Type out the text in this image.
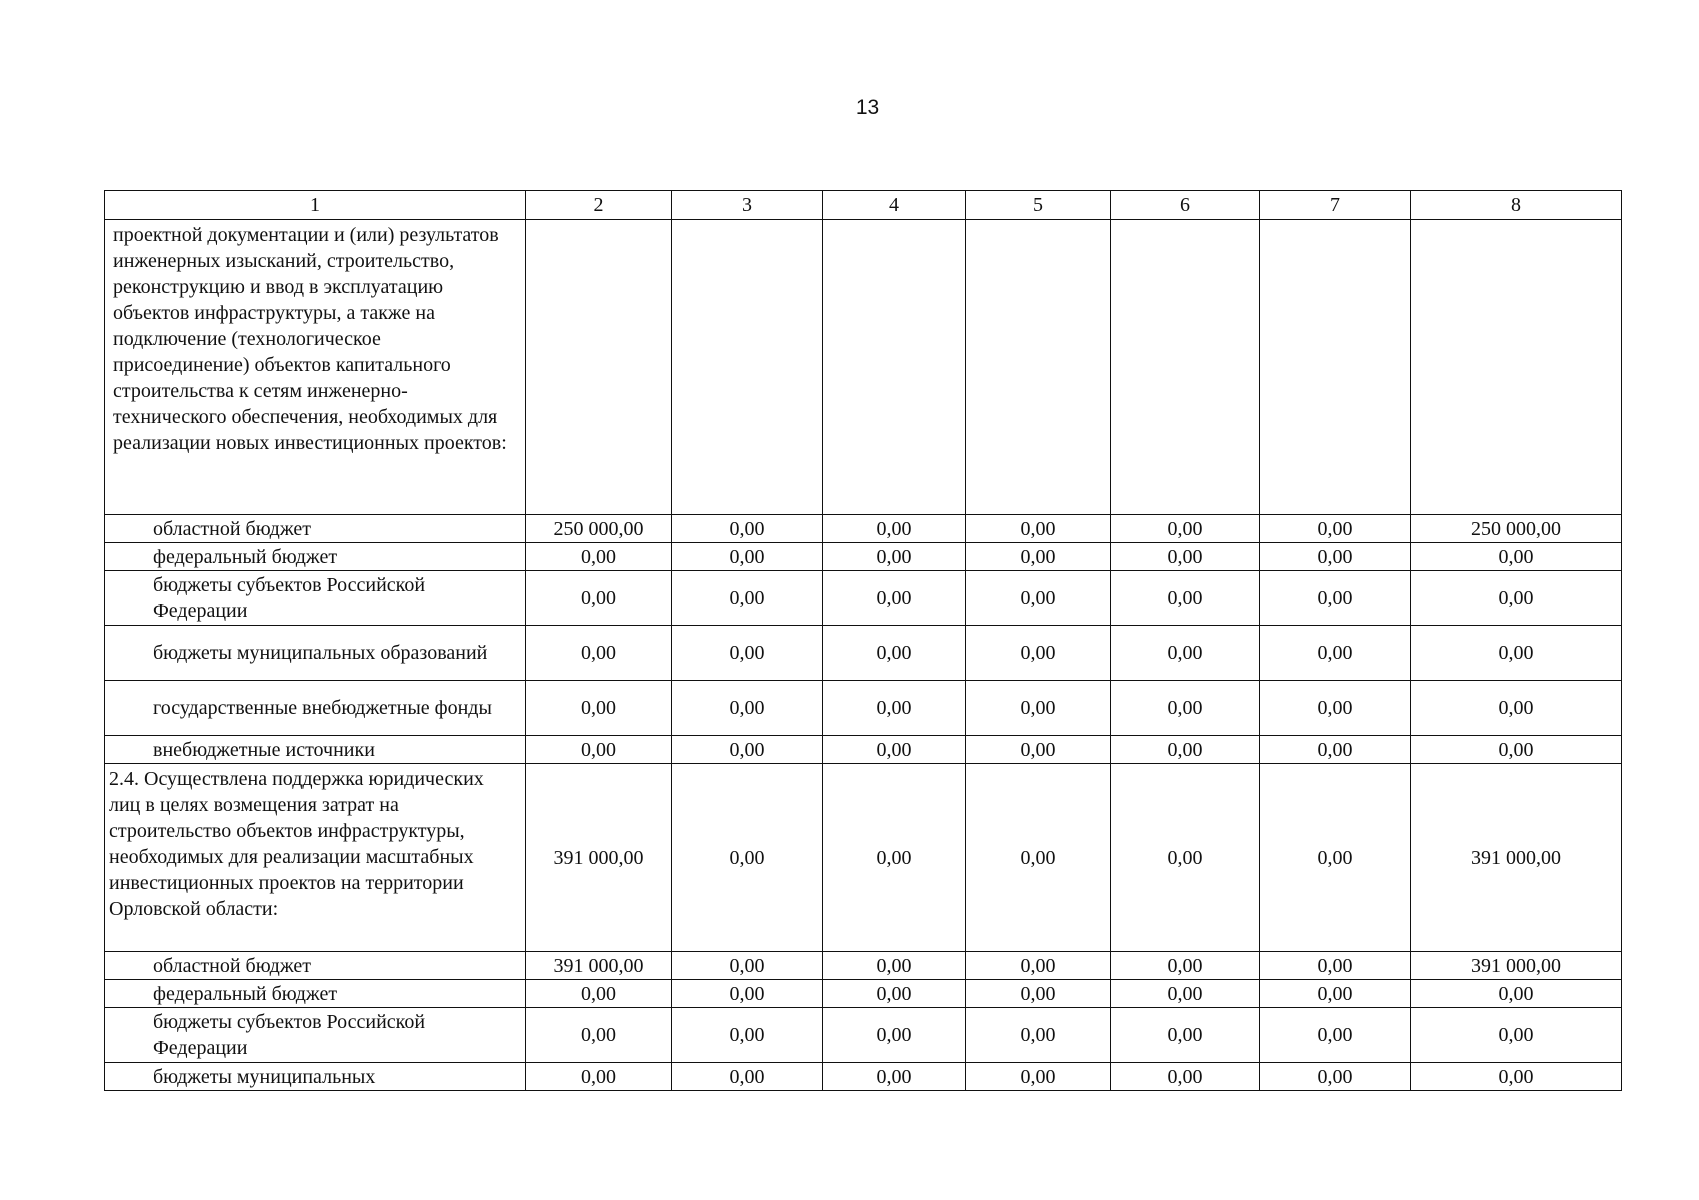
13
1	2	3	4	5	6	7	8
проектной документации и (или) результатов инженерных изысканий, строительство, реконструкцию и ввод в эксплуатацию объектов инфраструктуры, а также на подключение (технологическое присоединение) объектов капитального строительства к сетям инженерно-технического обеспечения, необходимых для реализации новых инвестиционных проектов:							
областной бюджет	250 000,00	0,00	0,00	0,00	0,00	0,00	250 000,00
федеральный бюджет	0,00	0,00	0,00	0,00	0,00	0,00	0,00
бюджеты субъектов Российской Федерации	0,00	0,00	0,00	0,00	0,00	0,00	0,00
бюджеты муниципальных образований	0,00	0,00	0,00	0,00	0,00	0,00	0,00
государственные внебюджетные фонды	0,00	0,00	0,00	0,00	0,00	0,00	0,00
внебюджетные источники	0,00	0,00	0,00	0,00	0,00	0,00	0,00
2.4. Осуществлена поддержка юридических лиц в целях возмещения затрат на строительство объектов инфраструктуры, необходимых для реализации масштабных инвестиционных проектов на территории Орловской области:	391 000,00	0,00	0,00	0,00	0,00	0,00	391 000,00
областной бюджет	391 000,00	0,00	0,00	0,00	0,00	0,00	391 000,00
федеральный бюджет	0,00	0,00	0,00	0,00	0,00	0,00	0,00
бюджеты субъектов Российской Федерации	0,00	0,00	0,00	0,00	0,00	0,00	0,00
бюджеты муниципальных	0,00	0,00	0,00	0,00	0,00	0,00	0,00
